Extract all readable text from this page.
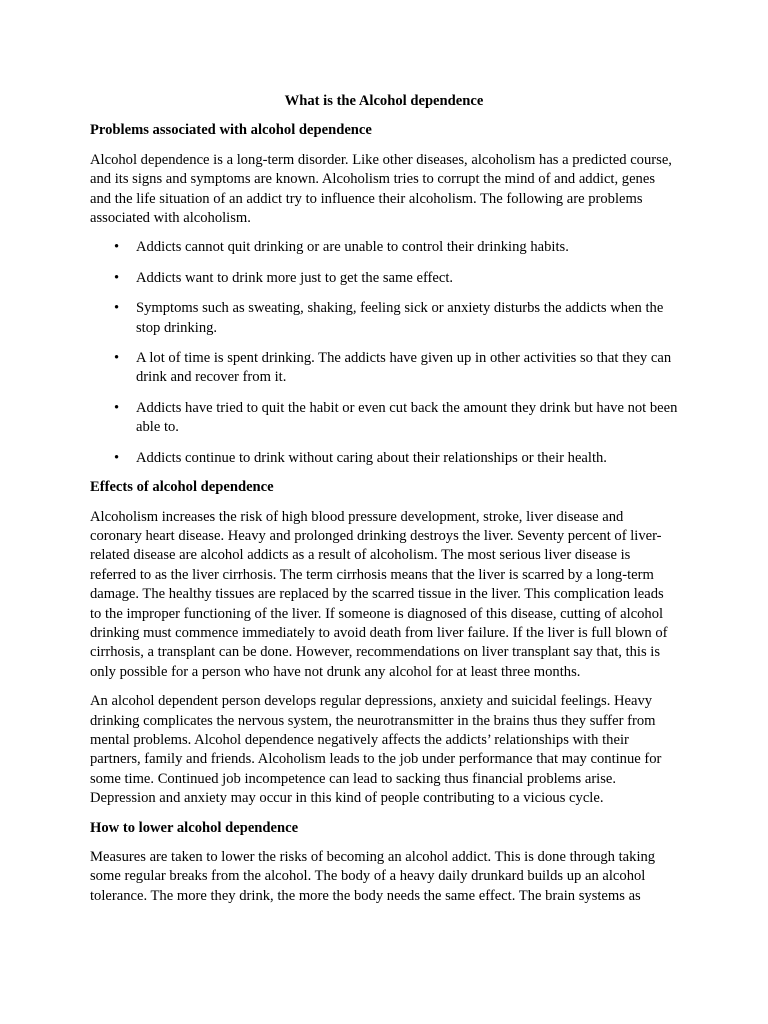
What is the Alcohol dependence
Problems associated with alcohol dependence

Alcohol dependence is a long-term disorder. Like other diseases, alcoholism has a predicted course, and its signs and symptoms are known. Alcoholism tries to corrupt the mind of and addict, genes and the life situation of an addict try to influence their alcoholism. The following are problems associated with alcoholism.

• Addicts cannot quit drinking or are unable to control their drinking habits.
• Addicts want to drink more just to get the same effect.
• Symptoms such as sweating, shaking, feeling sick or anxiety disturbs the addicts when the stop drinking.
• A lot of time is spent drinking. The addicts have given up in other activities so that they can drink and recover from it.
• Addicts have tried to quit the habit or even cut back the amount they drink but have not been able to.
• Addicts continue to drink without caring about their relationships or their health.
Effects of alcohol dependence

Alcoholism increases the risk of high blood pressure development, stroke, liver disease and coronary heart disease. Heavy and prolonged drinking destroys the liver. Seventy percent of liver-related disease are alcohol addicts as a result of alcoholism. The most serious liver disease is referred to as the liver cirrhosis. The term cirrhosis means that the liver is scarred by a long-term damage. The healthy tissues are replaced by the scarred tissue in the liver. This complication leads to the improper functioning of the liver. If someone is diagnosed of this disease, cutting of alcohol drinking must commence immediately to avoid death from liver failure. If the liver is full blown of cirrhosis, a transplant can be done. However, recommendations on liver transplant say that, this is only possible for a person who have not drunk any alcohol for at least three months.

An alcohol dependent person develops regular depressions, anxiety and suicidal feelings. Heavy drinking complicates the nervous system, the neurotransmitter in the brains thus they suffer from mental problems. Alcohol dependence negatively affects the addicts’ relationships with their partners, family and friends. Alcoholism leads to the job under performance that may continue for some time. Continued job incompetence can lead to sacking thus financial problems arise. Depression and anxiety may occur in this kind of people contributing to a vicious cycle.

How to lower alcohol dependence

Measures are taken to lower the risks of becoming an alcohol addict. This is done through taking some regular breaks from the alcohol. The body of a heavy daily drunkard builds up an alcohol tolerance. The more they drink, the more the body needs the same effect. The brain systems as
